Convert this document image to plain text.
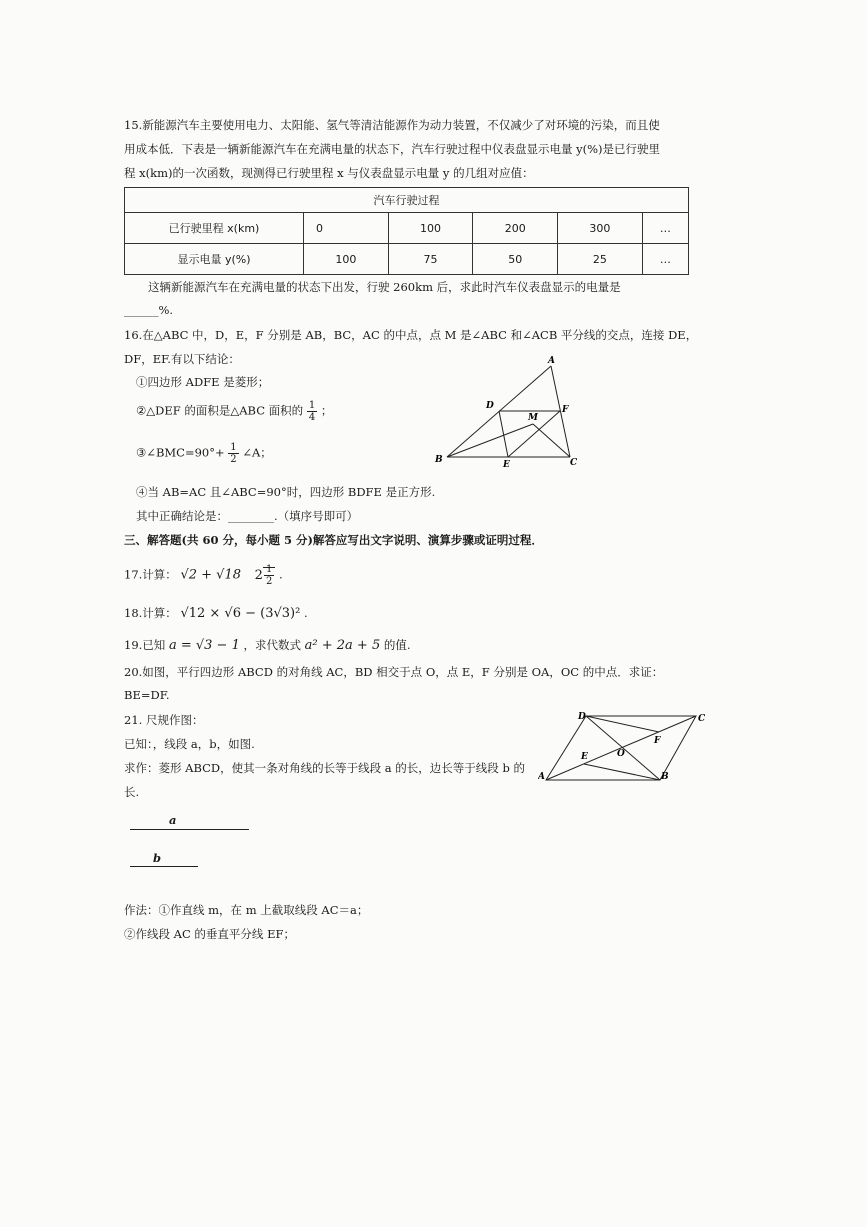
15.新能源汽车主要使用电力、太阳能、氢气等清洁能源作为动力装置，不仅减少了对环境的污染，而且使
用成本低．下表是一辆新能源汽车在充满电量的状态下，汽车行驶过程中仪表盘显示电量 y(%)是已行驶里
程 x(km)的一次函数，现测得已行驶里程 x 与仪表盘显示电量 y 的几组对应值：
汽车行驶过程					
已行驶里程 x(km)	0	100	200	300	…
显示电量 y(%)	100	75	50	25	…
这辆新能源汽车在充满电量的状态下出发，行驶 260km 后，求此时汽车仪表盘显示的电量是
______%.
16.在△ABC 中，D，E，F 分别是 AB，BC，AC 的中点，点 M 是∠ABC 和∠ACB 平分线的交点，连接 DE，
DF，EF.有以下结论：
①四边形 ADFE 是菱形；
②△DEF 的面积是△ABC 面积的 $\frac{1}{4}$ ；
③∠BMC=90°+ $\frac{1}{2}$ ∠A；
④当 AB=AC 且∠ABC=90°时，四边形 BDFE 是正方形.
其中正确结论是：________.（填序号即可）
A
B	C
D
E
F
M
三、解答题(共 60 分，每小题 5 分)解答应写出文字说明、演算步骤或证明过程．
17.计算： √2 + √18 $2 \frac{1}{2}$ .
18.计算： √12 × √6 − (3√3)² .
19.已知 a = √3 − 1 ，求代数式 a² + 2a + 5 的值.
20.如图，平行四边形 ABCD 的对角线 AC，BD 相交于点 O，点 E，F 分别是 OA，OC 的中点．求证：
BE=DF.
21. 尺规作图：
已知：，线段 a，b，如图.
求作：菱形 ABCD，使其一条对角线的长等于线段 a 的长，边长等于线段 b 的
长.
D	C
A	B
E
F
O
a
b
作法：①作直线 m，在 m 上截取线段 AC＝a；
②作线段 AC 的垂直平分线 EF；
